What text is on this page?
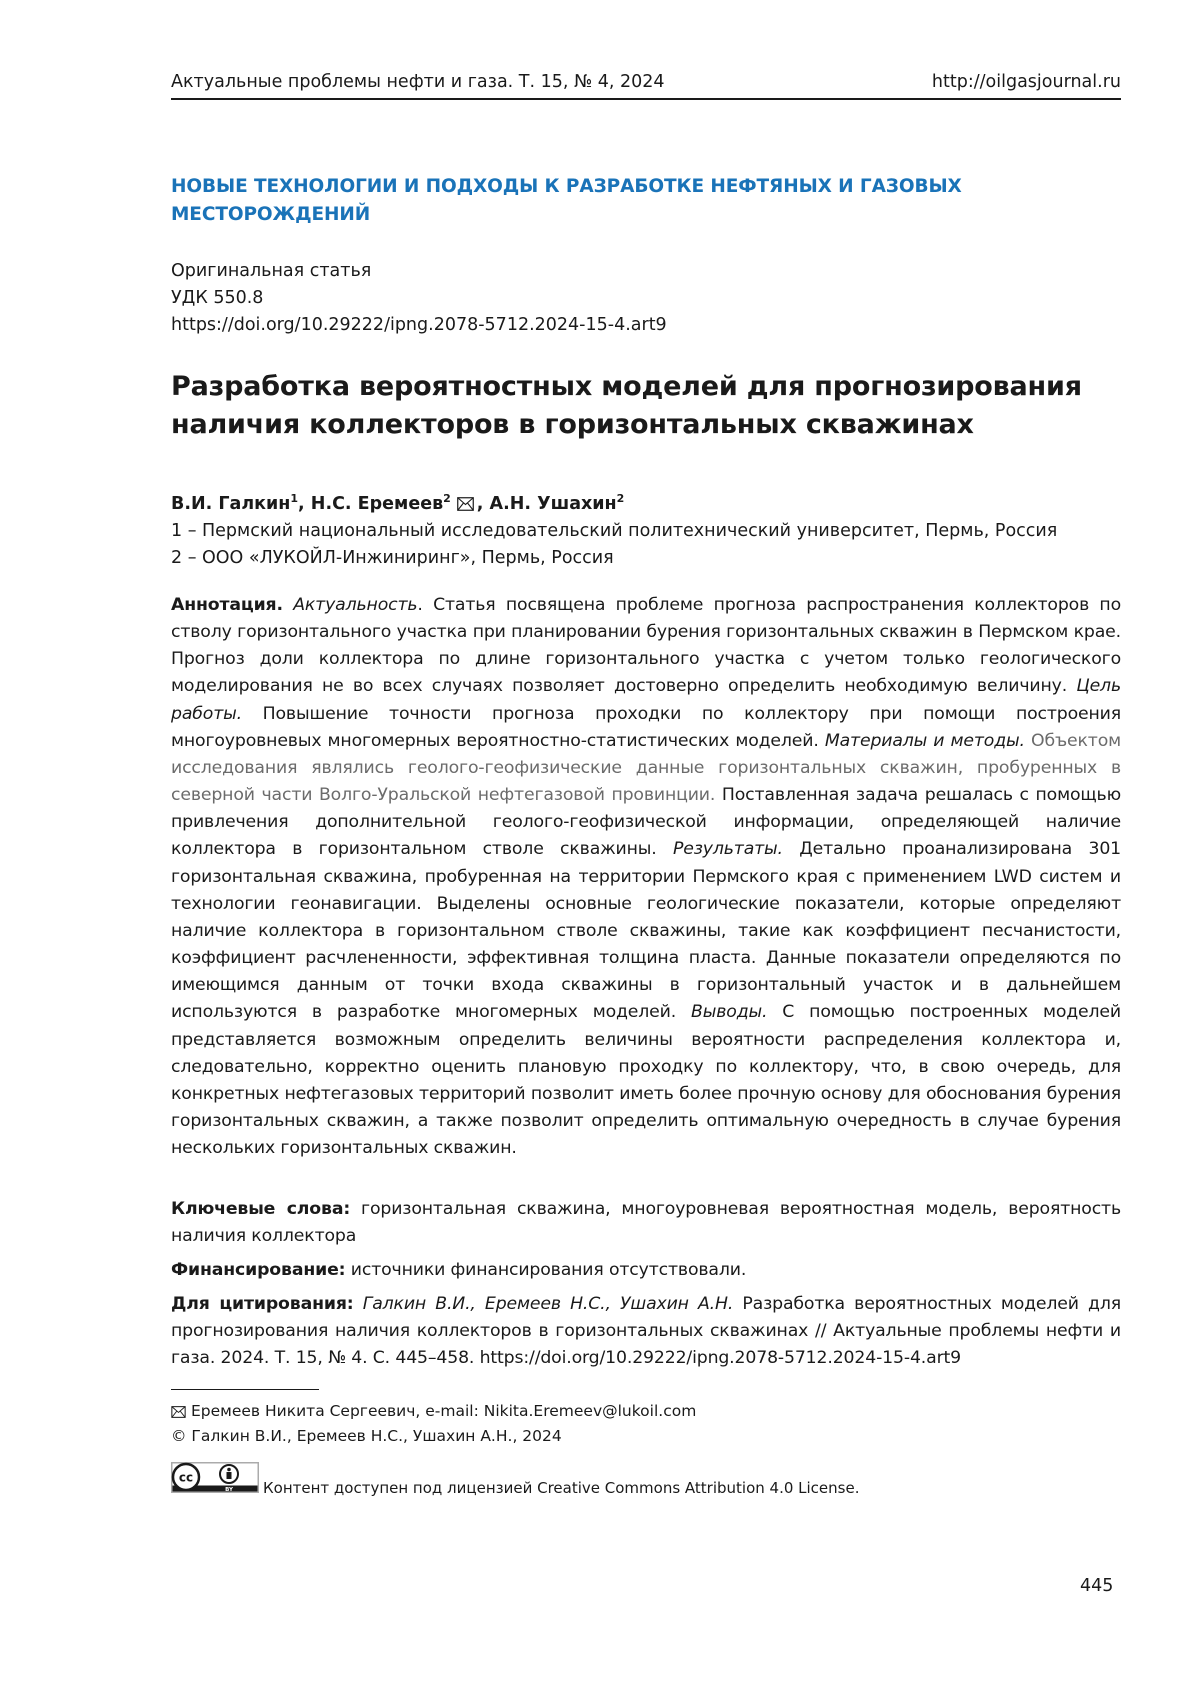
Актуальные проблемы нефти и газа. Т. 15, № 4, 2024	http://oilgasjournal.ru
НОВЫЕ ТЕХНОЛОГИИ И ПОДХОДЫ К РАЗРАБОТКЕ НЕФТЯНЫХ И ГАЗОВЫХ
МЕСТОРОЖДЕНИЙ
Оригинальная статья
УДК 550.8
https://doi.org/10.29222/ipng.2078-5712.2024-15-4.art9
Разработка вероятностных моделей для прогнозирования
наличия коллекторов в горизонтальных скважинах
В.И. Галкин$^1$, Н.С. Еремеев$^2$ , А.Н. Ушахин$^2$
1 – Пермский национальный исследовательский политехнический университет, Пермь, Россия
2 – ООО «ЛУКОЙЛ-Инжиниринг», Пермь, Россия
Аннотация. Актуальность. Статья посвящена проблеме прогноза распространения коллекторов по стволу горизонтального участка при планировании бурения горизонтальных скважин в Пермском крае. Прогноз доли коллектора по длине горизонтального участка с учетом только геологического моделирования не во всех случаях позволяет достоверно определить необходимую величину. Цель работы. Повышение точности прогноза проходки по коллектору при помощи построения многоуровневых многомерных вероятностно-статистических моделей. Материалы и методы. Объектом исследования являлись геолого-геофизические данные горизонтальных скважин, пробуренных в северной части Волго-Уральской нефтегазовой провинции. Поставленная задача решалась с помощью привлечения дополнительной геолого-геофизической информации, определяющей наличие коллектора в горизонтальном стволе скважины. Результаты. Детально проанализирована 301 горизонтальная скважина, пробуренная на территории Пермского края с применением LWD систем и технологии геонавигации. Выделены основные геологические показатели, которые определяют наличие коллектора в горизонтальном стволе скважины, такие как коэффициент песчанистости, коэффициент расчлененности, эффективная толщина пласта. Данные показатели определяются по имеющимся данным от точки входа скважины в горизонтальный участок и в дальнейшем используются в разработке многомерных моделей. Выводы. С помощью построенных моделей представляется возможным определить величины вероятности распределения коллектора и, следовательно, корректно оценить плановую проходку по коллектору, что, в свою очередь, для конкретных нефтегазовых территорий позволит иметь более прочную основу для обоснования бурения горизонтальных скважин, а также позволит определить оптимальную очередность в случае бурения нескольких горизонтальных скважин.
Ключевые слова: горизонтальная скважина, многоуровневая вероятностная модель, вероятность наличия коллектора
Финансирование: источники финансирования отсутствовали.
Для цитирования: Галкин В.И., Еремеев Н.С., Ушахин А.Н. Разработка вероятностных моделей для прогнозирования наличия коллекторов в горизонтальных скважинах // Актуальные проблемы нефти и газа. 2024. Т. 15, № 4. С. 445–458. https://doi.org/10.29222/ipng.2078-5712.2024-15-4.art9
Еремеев Никита Сергеевич, e-mail: Nikita.Eremeev@lukoil.com
© Галкин В.И., Еремеев Н.С., Ушахин А.Н., 2024
cc
BY Контент доступен под лицензией Creative Commons Attribution 4.0 License.
445
